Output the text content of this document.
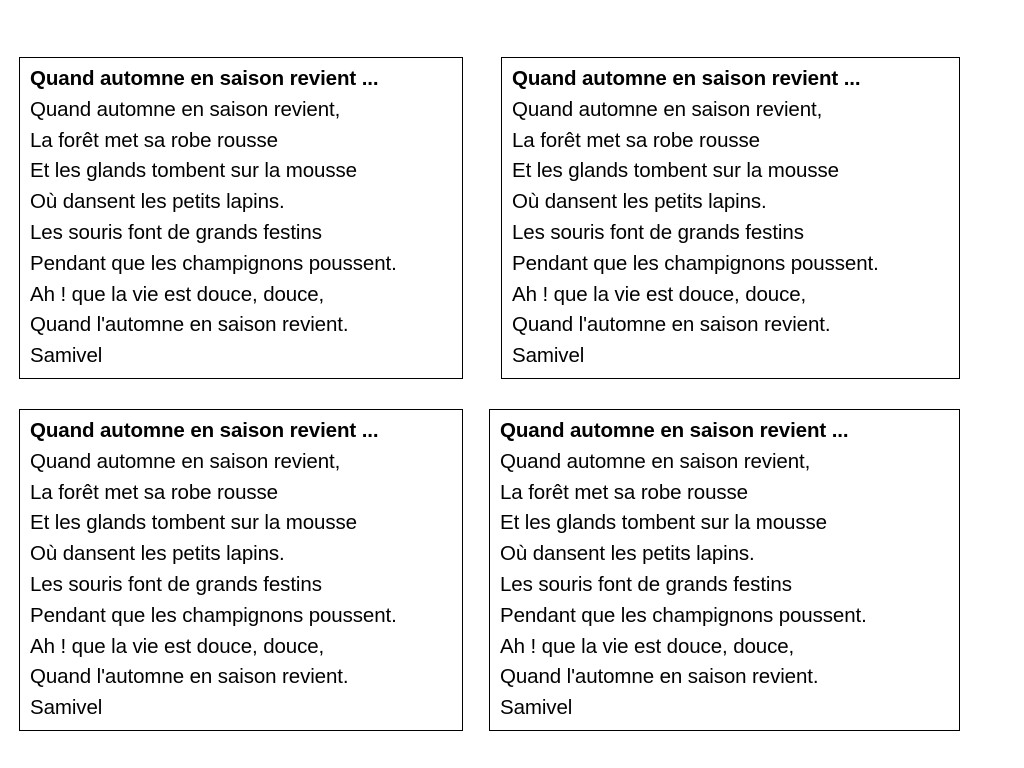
Quand automne en saison revient ...
Quand automne en saison revient,
La forêt met sa robe rousse
Et les glands tombent sur la mousse
Où dansent les petits lapins.
Les souris font de grands festins
Pendant que les champignons poussent.
Ah ! que la vie est douce, douce,
Quand l'automne en saison revient.
Samivel
Quand automne en saison revient ...
Quand automne en saison revient,
La forêt met sa robe rousse
Et les glands tombent sur la mousse
Où dansent les petits lapins.
Les souris font de grands festins
Pendant que les champignons poussent.
Ah ! que la vie est douce, douce,
Quand l'automne en saison revient.
Samivel
Quand automne en saison revient ...
Quand automne en saison revient,
La forêt met sa robe rousse
Et les glands tombent sur la mousse
Où dansent les petits lapins.
Les souris font de grands festins
Pendant que les champignons poussent.
Ah ! que la vie est douce, douce,
Quand l'automne en saison revient.
Samivel
Quand automne en saison revient ...
Quand automne en saison revient,
La forêt met sa robe rousse
Et les glands tombent sur la mousse
Où dansent les petits lapins.
Les souris font de grands festins
Pendant que les champignons poussent.
Ah ! que la vie est douce, douce,
Quand l'automne en saison revient.
Samivel
